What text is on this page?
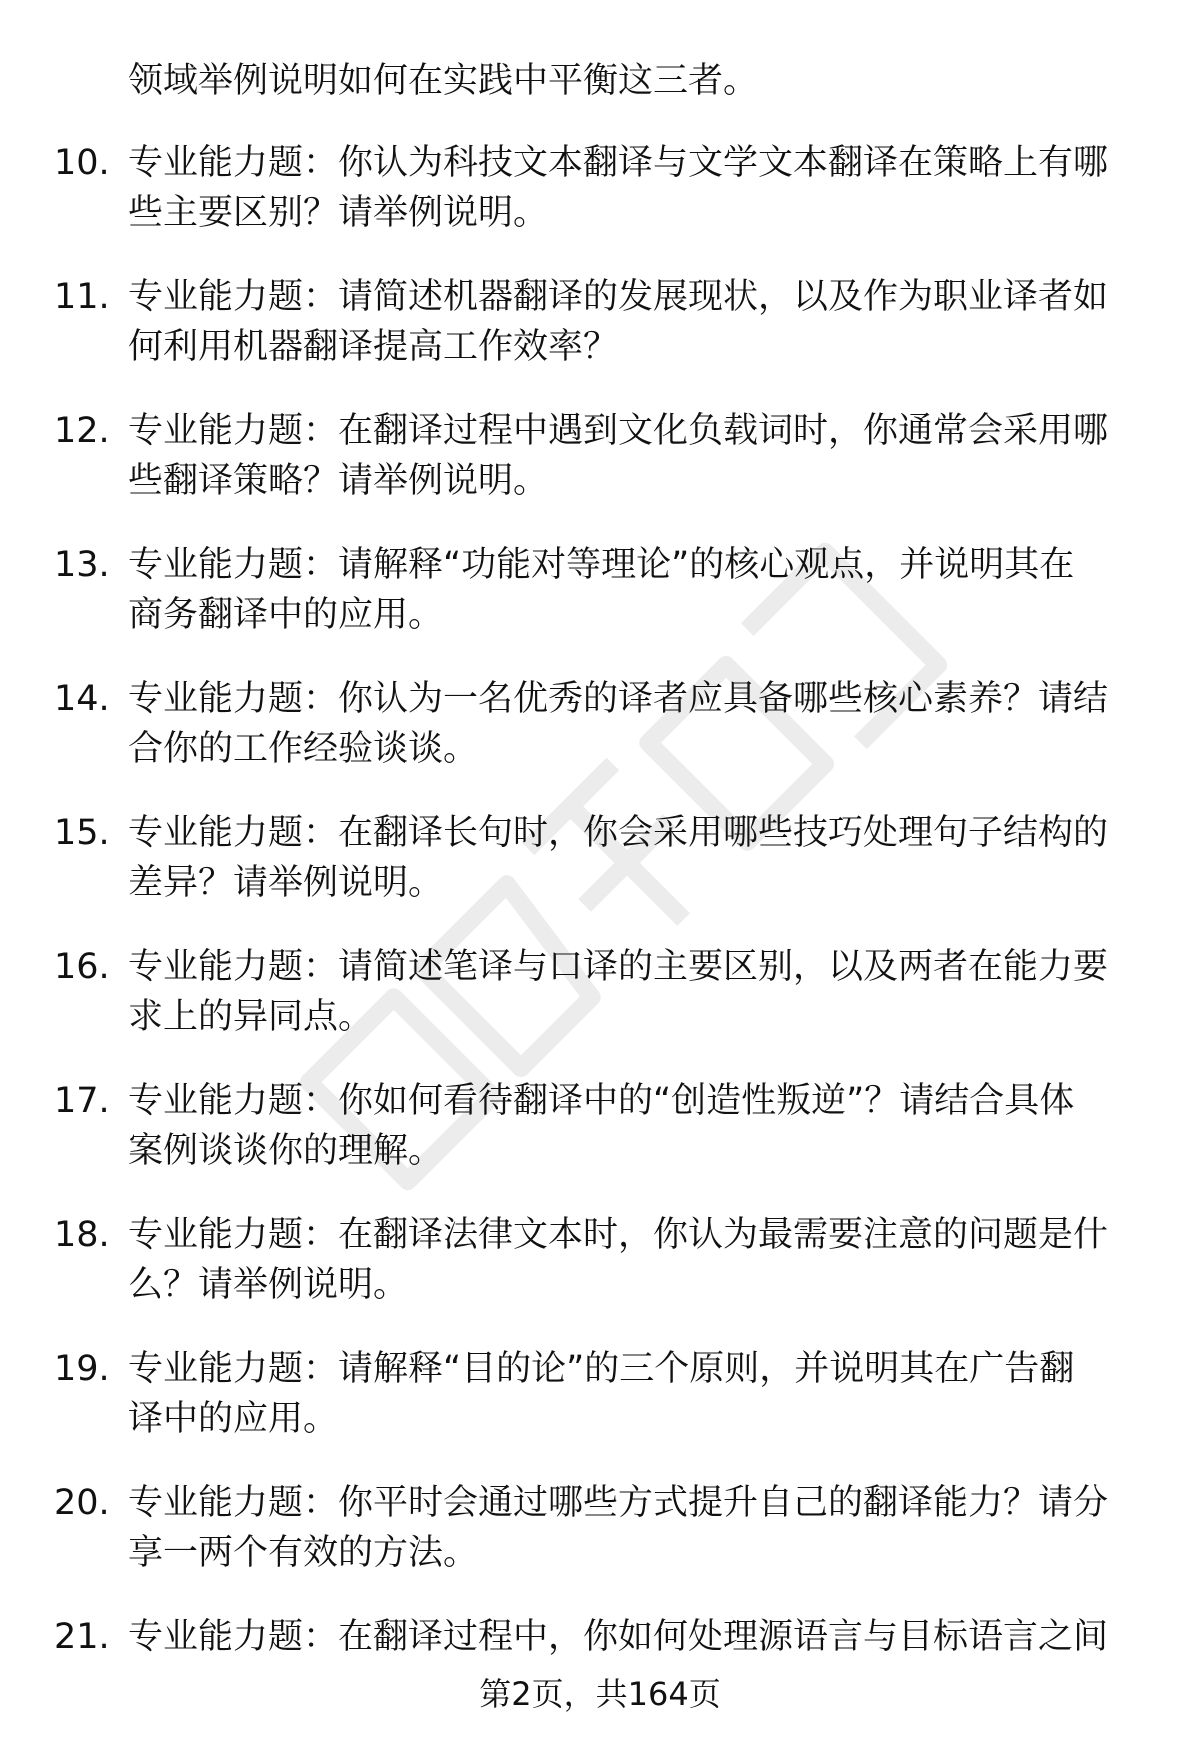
领域举例说明如何在实践中平衡这三者。
10. 专业能力题：你认为科技文本翻译与文学文本翻译在策略上有哪
些主要区别？请举例说明。
11. 专业能力题：请简述机器翻译的发展现状，以及作为职业译者如
何利用机器翻译提高工作效率？
12. 专业能力题：在翻译过程中遇到文化负载词时，你通常会采用哪
些翻译策略？请举例说明。
13. 专业能力题：请解释“功能对等理论”的核心观点，并说明其在
商务翻译中的应用。
14. 专业能力题：你认为一名优秀的译者应具备哪些核心素养？请结
合你的工作经验谈谈。
15. 专业能力题：在翻译长句时，你会采用哪些技巧处理句子结构的
差异？请举例说明。
16. 专业能力题：请简述笔译与口译的主要区别，以及两者在能力要
求上的异同点。
17. 专业能力题：你如何看待翻译中的“创造性叛逆”？请结合具体
案例谈谈你的理解。
18. 专业能力题：在翻译法律文本时，你认为最需要注意的问题是什
么？请举例说明。
19. 专业能力题：请解释“目的论”的三个原则，并说明其在广告翻
译中的应用。
20. 专业能力题：你平时会通过哪些方式提升自己的翻译能力？请分
享一两个有效的方法。
21. 专业能力题：在翻译过程中，你如何处理源语言与目标语言之间
第2页，共164页
